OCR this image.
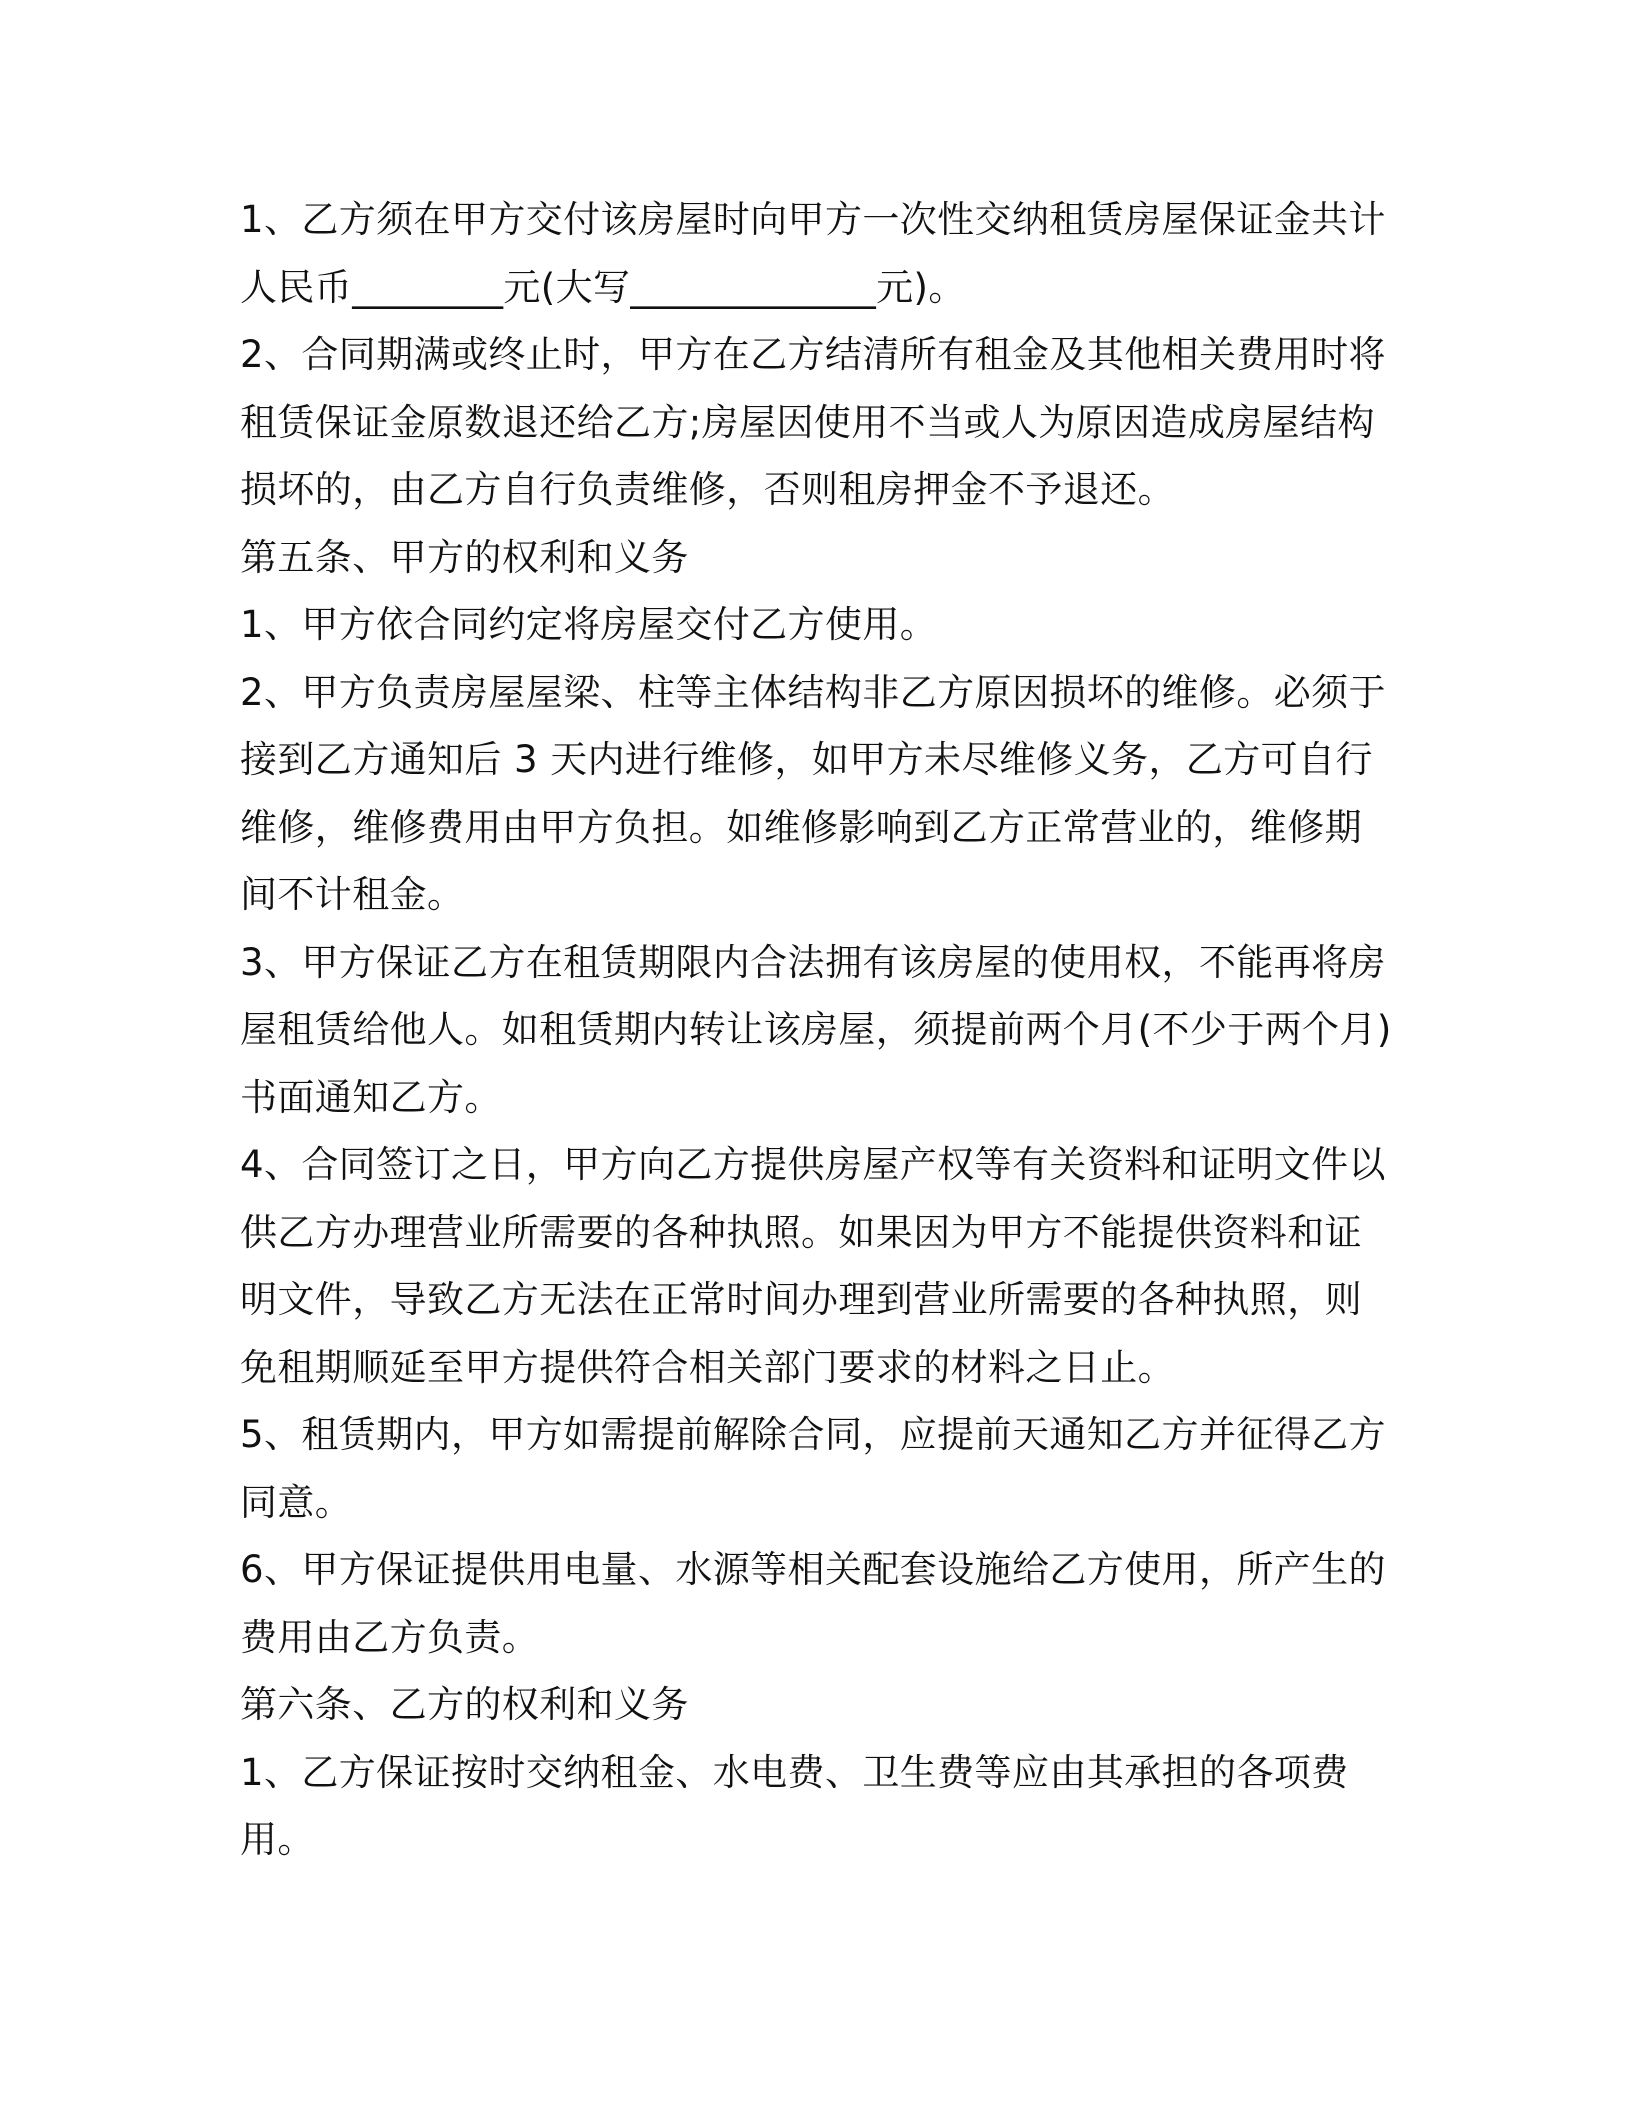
1、乙方须在甲方交付该房屋时向甲方一次性交纳租赁房屋保证金共计
人民币________元(大写_____________元)。
2、合同期满或终止时，甲方在乙方结清所有租金及其他相关费用时将
租赁保证金原数退还给乙方;房屋因使用不当或人为原因造成房屋结构
损坏的，由乙方自行负责维修，否则租房押金不予退还。
第五条、甲方的权利和义务
1、甲方依合同约定将房屋交付乙方使用。
2、甲方负责房屋屋梁、柱等主体结构非乙方原因损坏的维修。必须于
接到乙方通知后 3 天内进行维修，如甲方未尽维修义务，乙方可自行
维修，维修费用由甲方负担。如维修影响到乙方正常营业的，维修期
间不计租金。
3、甲方保证乙方在租赁期限内合法拥有该房屋的使用权，不能再将房
屋租赁给他人。如租赁期内转让该房屋，须提前两个月(不少于两个月)
书面通知乙方。
4、合同签订之日，甲方向乙方提供房屋产权等有关资料和证明文件以
供乙方办理营业所需要的各种执照。如果因为甲方不能提供资料和证
明文件，导致乙方无法在正常时间办理到营业所需要的各种执照，则
免租期顺延至甲方提供符合相关部门要求的材料之日止。
5、租赁期内，甲方如需提前解除合同，应提前天通知乙方并征得乙方
同意。
6、甲方保证提供用电量、水源等相关配套设施给乙方使用，所产生的
费用由乙方负责。
第六条、乙方的权利和义务
1、乙方保证按时交纳租金、水电费、卫生费等应由其承担的各项费
用。
